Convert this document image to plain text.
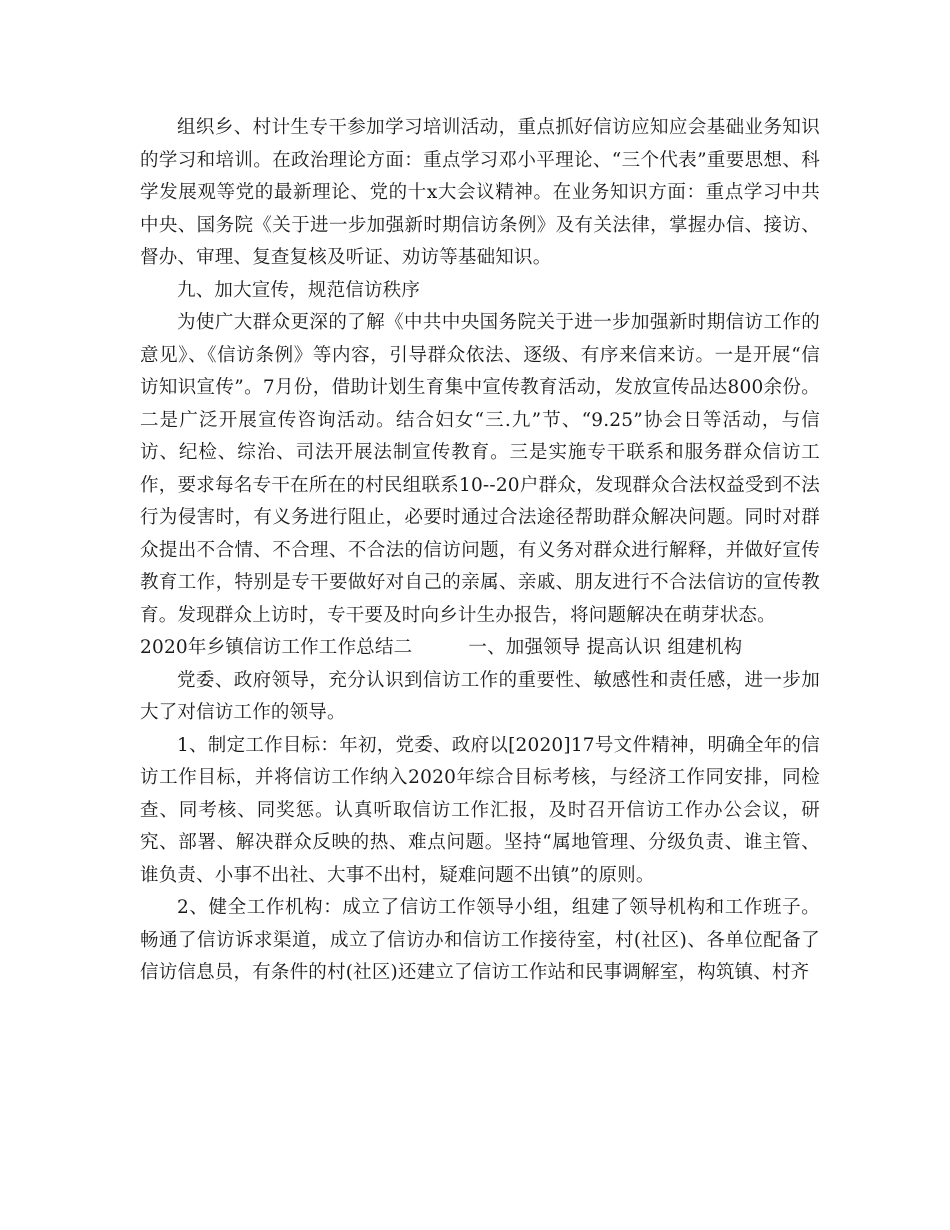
组织乡、村计生专干参加学习培训活动，重点抓好信访应知应会基础业务知识的学习和培训。在政治理论方面：重点学习邓小平理论、“三个代表”重要思想、科学发展观等党的最新理论、党的十x大会议精神。在业务知识方面：重点学习中共中央、国务院《关于进一步加强新时期信访条例》及有关法律，掌握办信、接访、督办、审理、复查复核及听证、劝访等基础知识。

九、加大宣传，规范信访秩序

为使广大群众更深的了解《中共中央国务院关于进一步加强新时期信访工作的意见》、《信访条例》等内容，引导群众依法、逐级、有序来信来访。一是开展“信访知识宣传”。7月份，借助计划生育集中宣传教育活动，发放宣传品达800余份。二是广泛开展宣传咨询活动。结合妇女“三.九”节、“9.25”协会日等活动，与信访、纪检、综治、司法开展法制宣传教育。三是实施专干联系和服务群众信访工作，要求每名专干在所在的村民组联系10--20户群众，发现群众合法权益受到不法行为侵害时，有义务进行阻止，必要时通过合法途径帮助群众解决问题。同时对群众提出不合情、不合理、不合法的信访问题，有义务对群众进行解释，并做好宣传教育工作，特别是专干要做好对自己的亲属、亲戚、朋友进行不合法信访的宣传教育。发现群众上访时，专干要及时向乡计生办报告，将问题解决在萌芽状态。

2020年乡镇信访工作工作总结二　　　一、加强领导 提高认识 组建机构

党委、政府领导，充分认识到信访工作的重要性、敏感性和责任感，进一步加大了对信访工作的领导。

1、制定工作目标：年初，党委、政府以[2020]17号文件精神，明确全年的信访工作目标，并将信访工作纳入2020年综合目标考核，与经济工作同安排，同检查、同考核、同奖惩。认真听取信访工作汇报，及时召开信访工作办公会议，研究、部署、解决群众反映的热、难点问题。坚持“属地管理、分级负责、谁主管、谁负责、小事不出社、大事不出村，疑难问题不出镇”的原则。

2、健全工作机构：成立了信访工作领导小组，组建了领导机构和工作班子。畅通了信访诉求渠道，成立了信访办和信访工作接待室，村(社区)、各单位配备了信访信息员，有条件的村(社区)还建立了信访工作站和民事调解室，构筑镇、村齐
